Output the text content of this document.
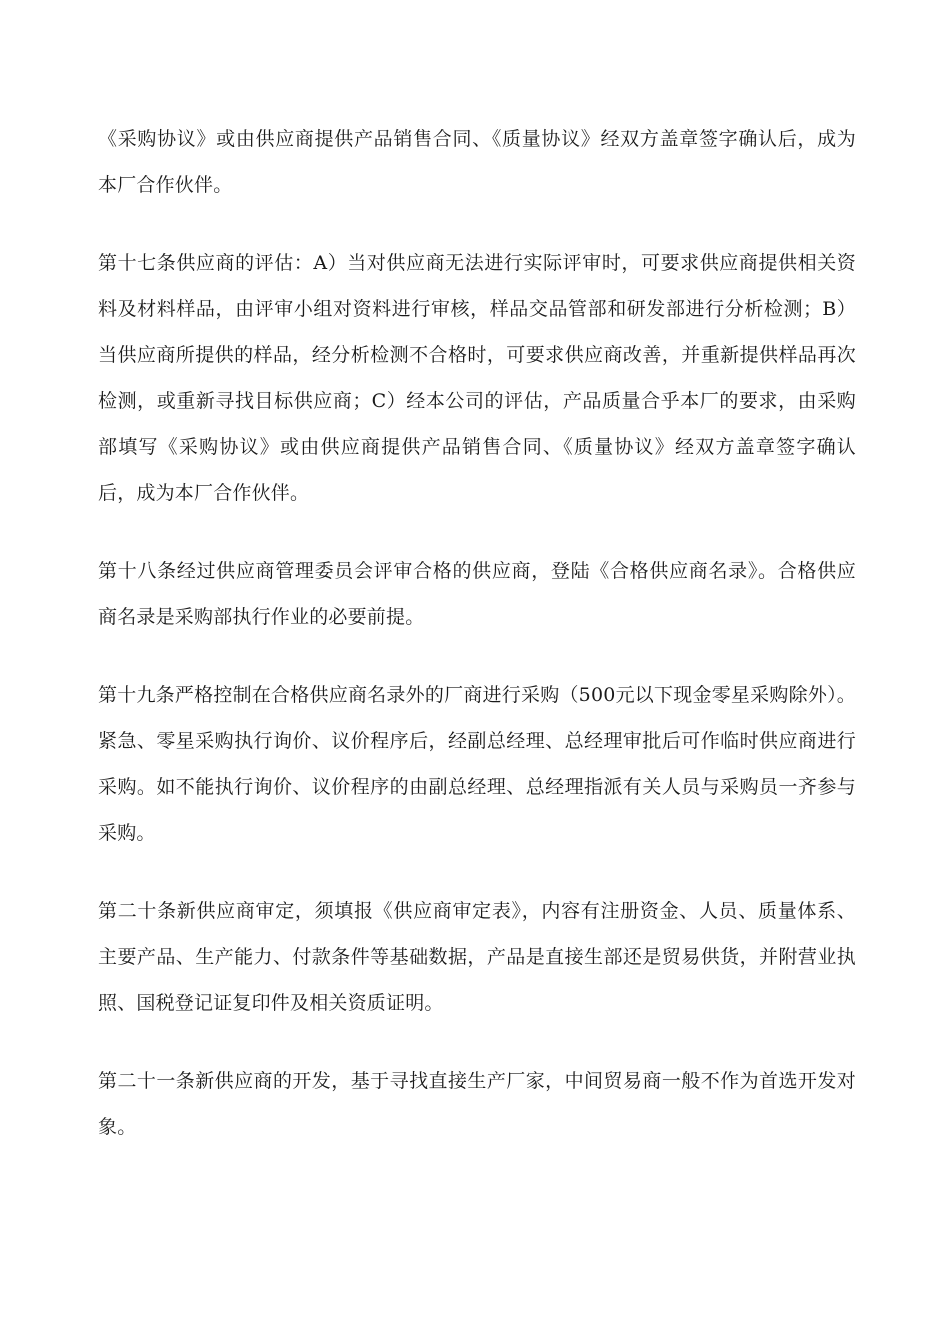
《采购协议》或由供应商提供产品销售合同、《质量协议》经双方盖章签字确认后，成为本厂合作伙伴。

第十七条供应商的评估：A）当对供应商无法进行实际评审时，可要求供应商提供相关资料及材料样品，由评审小组对资料进行审核，样品交品管部和研发部进行分析检测；B）当供应商所提供的样品，经分析检测不合格时，可要求供应商改善，并重新提供样品再次检测，或重新寻找目标供应商；C）经本公司的评估，产品质量合乎本厂的要求，由采购部填写《采购协议》或由供应商提供产品销售合同、《质量协议》经双方盖章签字确认后，成为本厂合作伙伴。

第十八条经过供应商管理委员会评审合格的供应商，登陆《合格供应商名录》。合格供应商名录是采购部执行作业的必要前提。

第十九条严格控制在合格供应商名录外的厂商进行采购（500元以下现金零星采购除外）。紧急、零星采购执行询价、议价程序后，经副总经理、总经理审批后可作临时供应商进行采购。如不能执行询价、议价程序的由副总经理、总经理指派有关人员与采购员一齐参与采购。

第二十条新供应商审定，须填报《供应商审定表》，内容有注册资金、人员、质量体系、主要产品、生产能力、付款条件等基础数据，产品是直接生部还是贸易供货，并附营业执照、国税登记证复印件及相关资质证明。

第二十一条新供应商的开发，基于寻找直接生产厂家，中间贸易商一般不作为首选开发对象。
